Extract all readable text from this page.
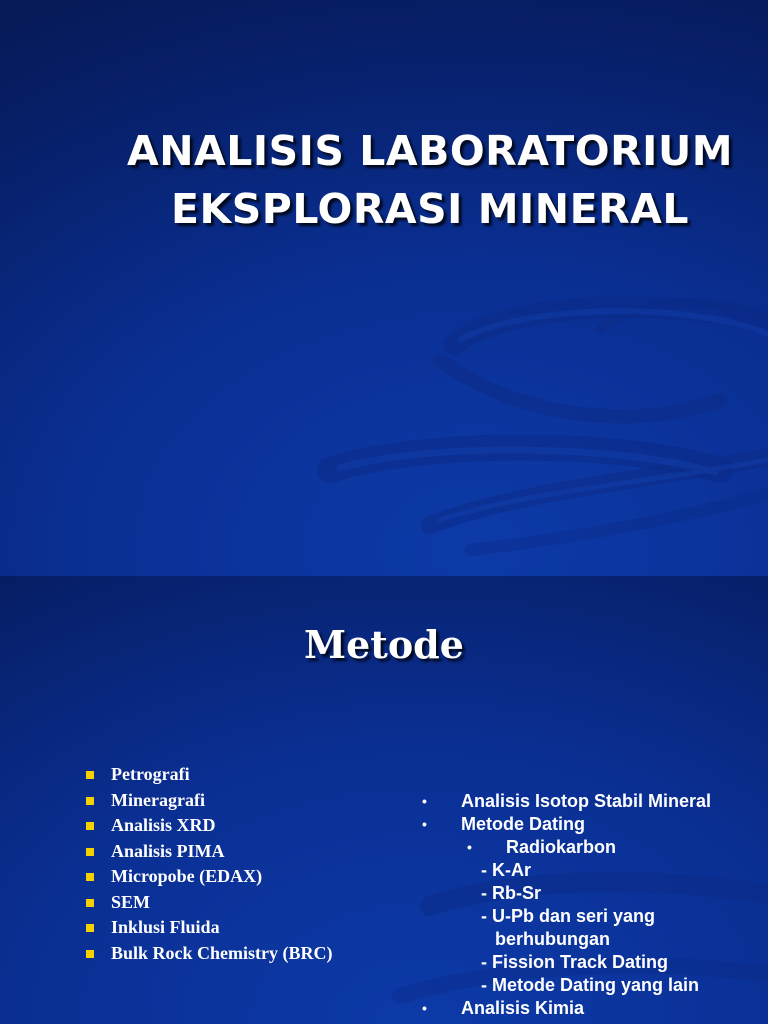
ANALISIS LABORATORIUM
EKSPLORASI MINERAL
Metode
Petrografi
Mineragrafi
Analisis XRD
Analisis PIMA
Micropobe (EDAX)
SEM
Inklusi Fluida
Bulk Rock Chemistry (BRC)
• Analisis Isotop Stabil Mineral
• Metode Dating
• Radiokarbon
- K-Ar
- Rb-Sr
- U-Pb dan seri yang
berhubungan
- Fission Track Dating
- Metode Dating yang lain
• Analisis Kimia
